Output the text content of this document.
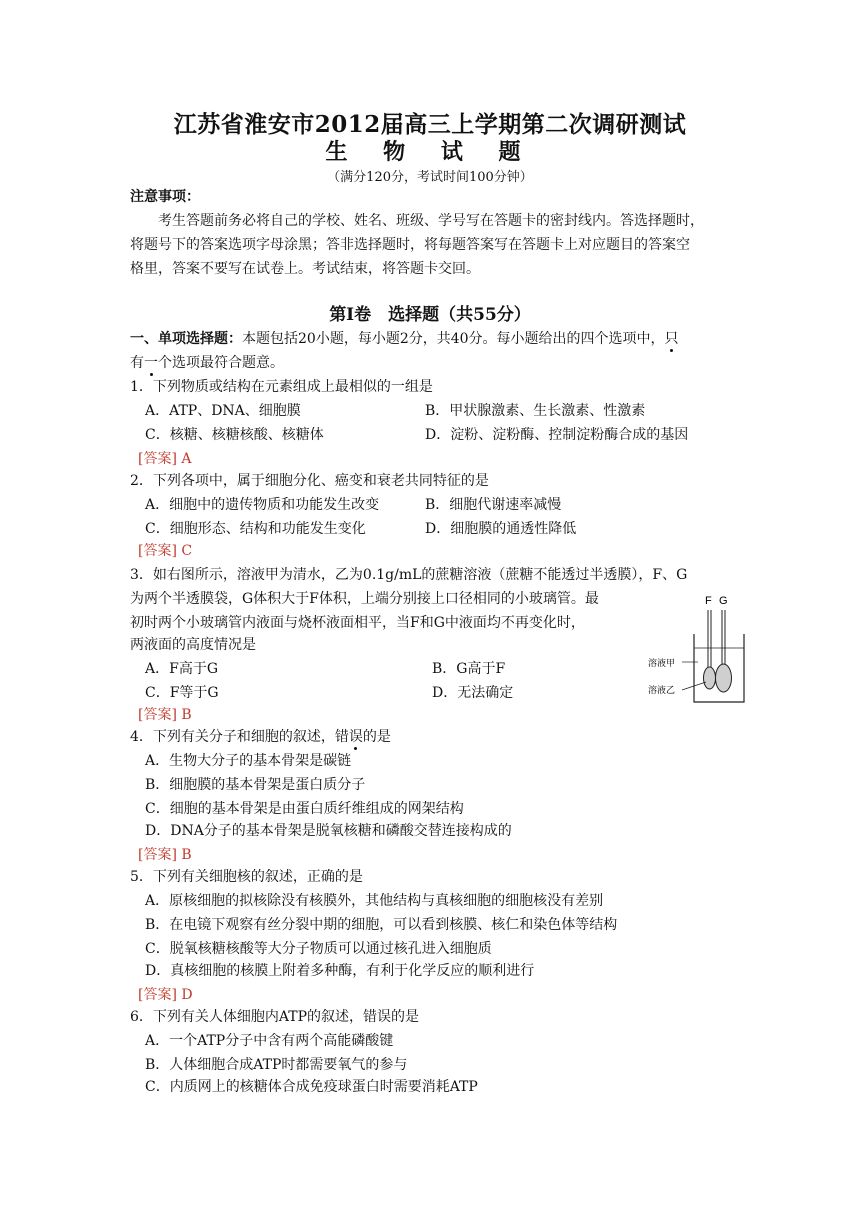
江苏省淮安市2012届高三上学期第二次调研测试
生 物 试 题
（满分120分，考试时间100分钟）
注意事项：
考生答题前务必将自己的学校、姓名、班级、学号写在答题卡的密封线内。答选择题时，
将题号下的答案选项字母涂黑；答非选择题时，将每题答案写在答题卡上对应题目的答案空
格里，答案不要写在试卷上。考试结束，将答题卡交回。
第Ⅰ卷　选择题（共55分）
一、单项选择题：本题包括20小题，每小题2分，共40分。每小题给出的四个选项中，只
有一个选项最符合题意。
1．下列物质或结构在元素组成上最相似的一组是
A．ATP、DNA、细胞膜	B．甲状腺激素、生长激素、性激素
C．核糖、核糖核酸、核糖体	D．淀粉、淀粉酶、控制淀粉酶合成的基因
[答案] A
2．下列各项中，属于细胞分化、癌变和衰老共同特征的是
A．细胞中的遗传物质和功能发生改变	B．细胞代谢速率减慢
C．细胞形态、结构和功能发生变化	D．细胞膜的通透性降低
[答案] C
3．如右图所示，溶液甲为清水，乙为0.1g/mL的蔗糖溶液（蔗糖不能透过半透膜），F、G
为两个半透膜袋，G体积大于F体积，上端分别接上口径相同的小玻璃管。最
初时两个小玻璃管内液面与烧杯液面相平，当F和G中液面均不再变化时，
两液面的高度情况是
A．F高于G	B．G高于F
C．F等于G	D．无法确定
[答案] B
F G
溶液甲
溶液乙
4．下列有关分子和细胞的叙述，错误的是
A．生物大分子的基本骨架是碳链
B．细胞膜的基本骨架是蛋白质分子
C．细胞的基本骨架是由蛋白质纤维组成的网架结构
D．DNA分子的基本骨架是脱氧核糖和磷酸交替连接构成的
[答案] B
5．下列有关细胞核的叙述，正确的是
A．原核细胞的拟核除没有核膜外，其他结构与真核细胞的细胞核没有差别
B．在电镜下观察有丝分裂中期的细胞，可以看到核膜、核仁和染色体等结构
C．脱氧核糖核酸等大分子物质可以通过核孔进入细胞质
D．真核细胞的核膜上附着多种酶，有利于化学反应的顺利进行
[答案] D
6．下列有关人体细胞内ATP的叙述，错误的是
A．一个ATP分子中含有两个高能磷酸键
B．人体细胞合成ATP时都需要氧气的参与
C．内质网上的核糖体合成免疫球蛋白时需要消耗ATP
